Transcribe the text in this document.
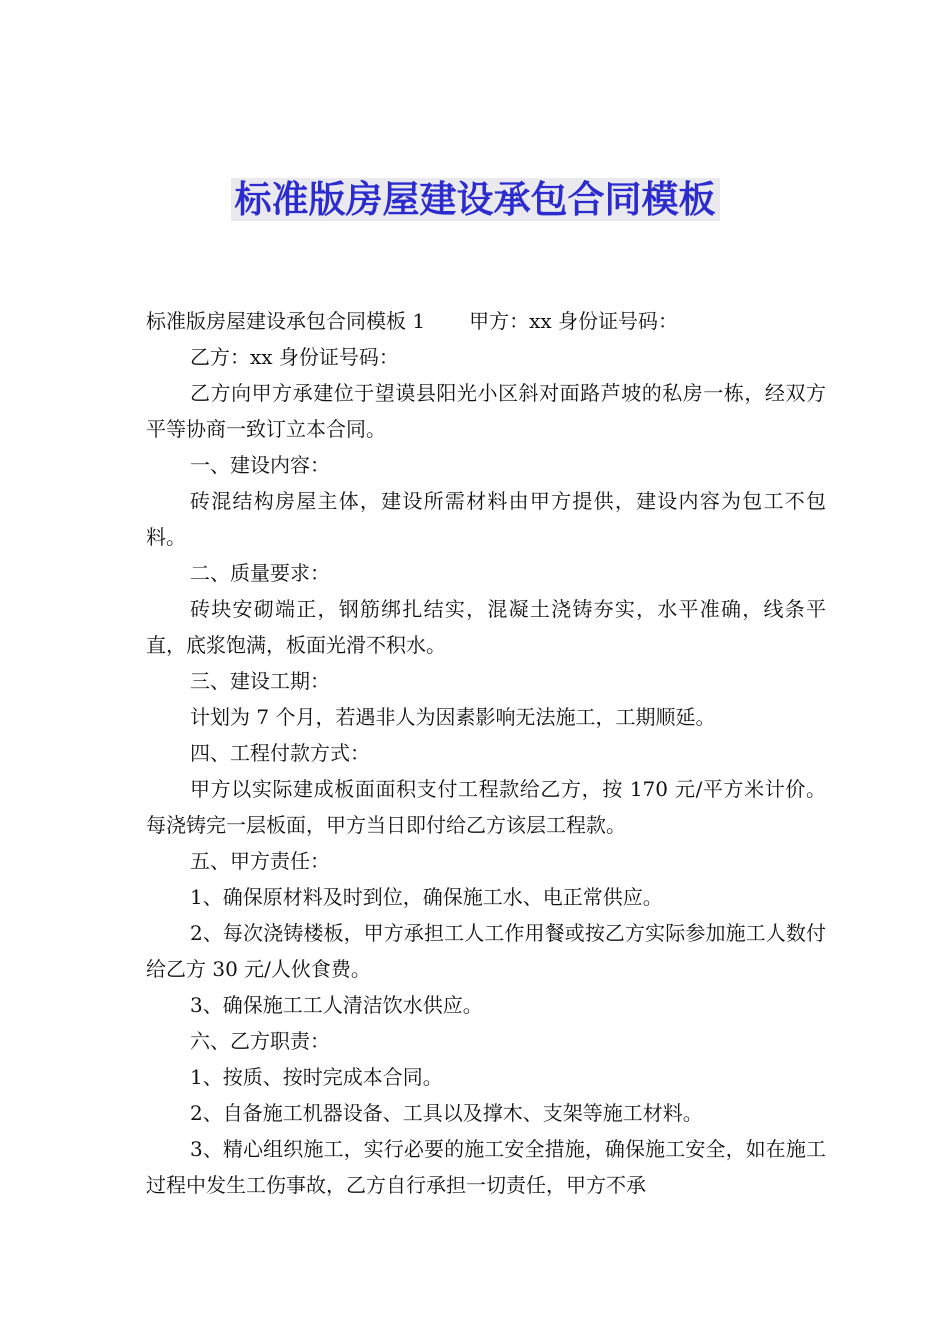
标准版房屋建设承包合同模板

标准版房屋建设承包合同模板 1 甲方：xx 身份证号码：

乙方：xx 身份证号码：

乙方向甲方承建位于望谟县阳光小区斜对面路芦坡的私房一栋，经双方平等协商一致订立本合同。

一、建设内容：

砖混结构房屋主体，建设所需材料由甲方提供，建设内容为包工不包料。

二、质量要求：

砖块安砌端正，钢筋绑扎结实，混凝土浇铸夯实，水平准确，线条平直，底浆饱满，板面光滑不积水。

三、建设工期：

计划为 7 个月，若遇非人为因素影响无法施工，工期顺延。

四、工程付款方式：

甲方以实际建成板面面积支付工程款给乙方，按 170 元/平方米计价。每浇铸完一层板面，甲方当日即付给乙方该层工程款。

五、甲方责任：

1、确保原材料及时到位，确保施工水、电正常供应。

2、每次浇铸楼板，甲方承担工人工作用餐或按乙方实际参加施工人数付给乙方 30 元/人伙食费。

3、确保施工工人清洁饮水供应。

六、乙方职责：

1、按质、按时完成本合同。

2、自备施工机器设备、工具以及撑木、支架等施工材料。

3、精心组织施工，实行必要的施工安全措施，确保施工安全，如在施工过程中发生工伤事故，乙方自行承担一切责任，甲方不承
